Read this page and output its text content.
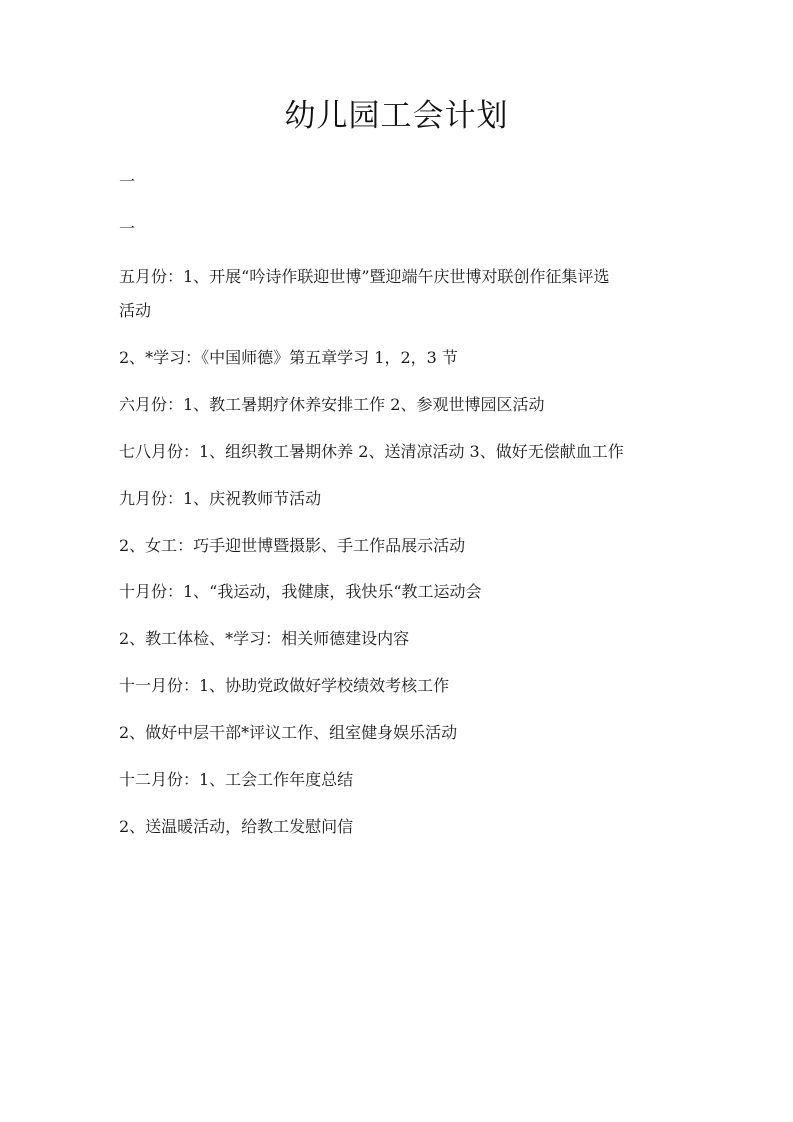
幼儿园工会计划
一
一
五月份：1、开展“吟诗作联迎世博”暨迎端午庆世博对联创作征集评选
活动
2、*学习：《中国师德》第五章学习 1，2，3 节
六月份：1、教工暑期疗休养安排工作 2、参观世博园区活动
七八月份：1、组织教工暑期休养 2、送清凉活动 3、做好无偿献血工作
九月份：1、庆祝教师节活动
2、女工：巧手迎世博暨摄影、手工作品展示活动
十月份：1、“我运动，我健康，我快乐“教工运动会
2、教工体检、*学习：相关师德建设内容
十一月份：1、协助党政做好学校绩效考核工作
2、做好中层干部*评议工作、组室健身娱乐活动
十二月份：1、工会工作年度总结
2、送温暖活动，给教工发慰问信
